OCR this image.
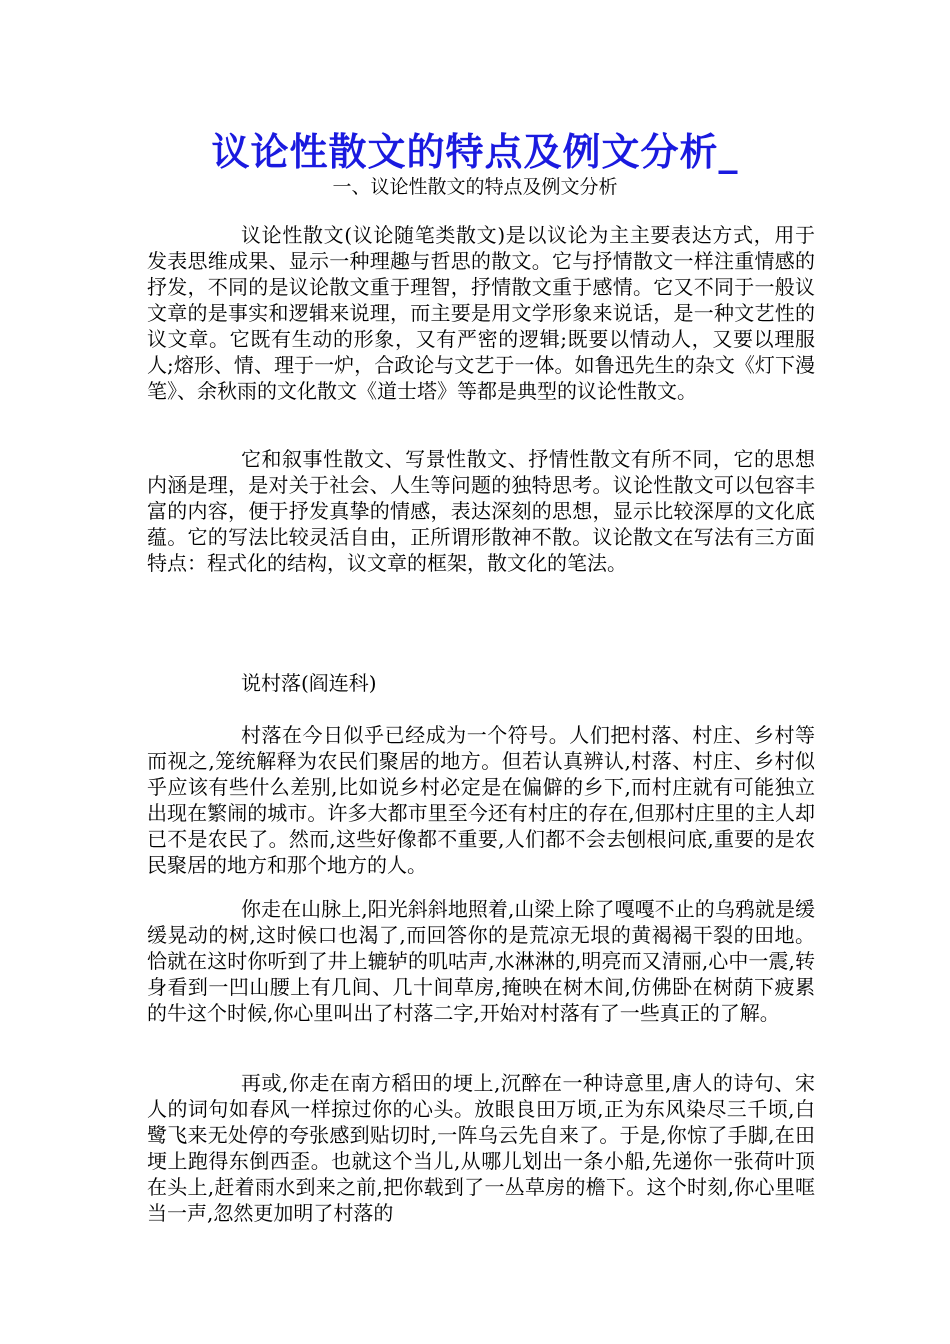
议论性散文的特点及例文分析_
一、议论性散文的特点及例文分析

议论性散文(议论随笔类散文)是以议论为主主要表达方式，用于发表思维成果、显示一种理趣与哲思的散文。它与抒情散文一样注重情感的抒发，不同的是议论散文重于理智，抒情散文重于感情。它又不同于一般议文章的是事实和逻辑来说理，而主要是用文学形象来说话，是一种文艺性的议文章。它既有生动的形象，又有严密的逻辑;既要以情动人，又要以理服人;熔形、情、理于一炉，合政论与文艺于一体。如鲁迅先生的杂文《灯下漫笔》、余秋雨的文化散文《道士塔》等都是典型的议论性散文。

它和叙事性散文、写景性散文、抒情性散文有所不同，它的思想内涵是理，是对关于社会、人生等问题的独特思考。议论性散文可以包容丰富的内容，便于抒发真挚的情感，表达深刻的思想，显示比较深厚的文化底蕴。它的写法比较灵活自由，正所谓形散神不散。议论散文在写法有三方面特点：程式化的结构，议文章的框架，散文化的笔法。

说村落(阎连科)

村落在今日似乎已经成为一个符号。人们把村落、村庄、乡村等而视之,笼统解释为农民们聚居的地方。但若认真辨认,村落、村庄、乡村似乎应该有些什么差别,比如说乡村必定是在偏僻的乡下,而村庄就有可能独立出现在繁闹的城市。许多大都市里至今还有村庄的存在,但那村庄里的主人却已不是农民了。然而,这些好像都不重要,人们都不会去刨根问底,重要的是农民聚居的地方和那个地方的人。

你走在山脉上,阳光斜斜地照着,山梁上除了嘎嘎不止的乌鸦就是缓缓晃动的树,这时候口也渴了,而回答你的是荒凉无垠的黄褐褐干裂的田地。恰就在这时你听到了井上辘轳的叽咕声,水淋淋的,明亮而又清丽,心中一震,转身看到一凹山腰上有几间、几十间草房,掩映在树木间,仿佛卧在树荫下疲累的牛这个时候,你心里叫出了村落二字,开始对村落有了一些真正的了解。

再或,你走在南方稻田的埂上,沉醉在一种诗意里,唐人的诗句、宋人的词句如春风一样掠过你的心头。放眼良田万顷,正为东风染尽三千顷,白鹭飞来无处停的夸张感到贴切时,一阵乌云先自来了。于是,你惊了手脚,在田埂上跑得东倒西歪。也就这个当儿,从哪儿划出一条小船,先递你一张荷叶顶在头上,赶着雨水到来之前,把你载到了一丛草房的檐下。这个时刻,你心里哐当一声,忽然更加明了村落的
